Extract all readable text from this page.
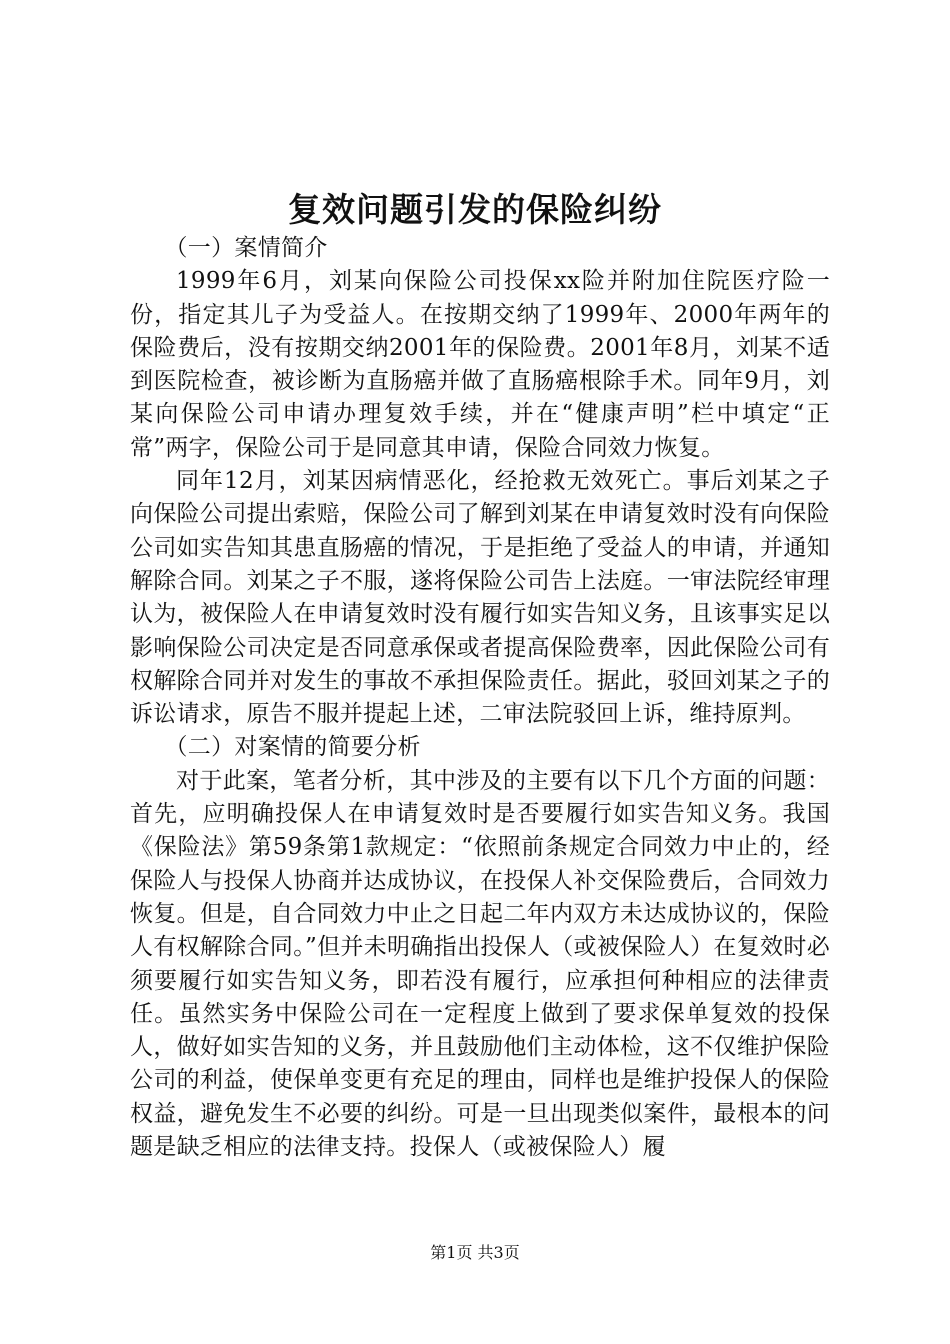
复效问题引发的保险纠纷

（一）案情简介

1999年6月，刘某向保险公司投保xx险并附加住院医疗险一份，指定其儿子为受益人。在按期交纳了1999年、2000年两年的保险费后，没有按期交纳2001年的保险费。2001年8月，刘某不适到医院检查，被诊断为直肠癌并做了直肠癌根除手术。同年9月，刘某向保险公司申请办理复效手续，并在“健康声明”栏中填定“正常”两字，保险公司于是同意其申请，保险合同效力恢复。

同年12月，刘某因病情恶化，经抢救无效死亡。事后刘某之子向保险公司提出索赔，保险公司了解到刘某在申请复效时没有向保险公司如实告知其患直肠癌的情况，于是拒绝了受益人的申请，并通知解除合同。刘某之子不服，遂将保险公司告上法庭。一审法院经审理认为，被保险人在申请复效时没有履行如实告知义务，且该事实足以影响保险公司决定是否同意承保或者提高保险费率，因此保险公司有权解除合同并对发生的事故不承担保险责任。据此，驳回刘某之子的诉讼请求，原告不服并提起上述，二审法院驳回上诉，维持原判。

（二）对案情的简要分析

对于此案，笔者分析，其中涉及的主要有以下几个方面的问题：首先，应明确投保人在申请复效时是否要履行如实告知义务。我国《保险法》第59条第1款规定：“依照前条规定合同效力中止的，经保险人与投保人协商并达成协议，在投保人补交保险费后，合同效力恢复。但是，自合同效力中止之日起二年内双方未达成协议的，保险人有权解除合同。”但并未明确指出投保人（或被保险人）在复效时必须要履行如实告知义务，即若没有履行，应承担何种相应的法律责任。虽然实务中保险公司在一定程度上做到了要求保单复效的投保人，做好如实告知的义务，并且鼓励他们主动体检，这不仅维护保险公司的利益，使保单变更有充足的理由，同样也是维护投保人的保险权益，避免发生不必要的纠纷。可是一旦出现类似案件，最根本的问题是缺乏相应的法律支持。投保人（或被保险人）履

第1页 共3页
